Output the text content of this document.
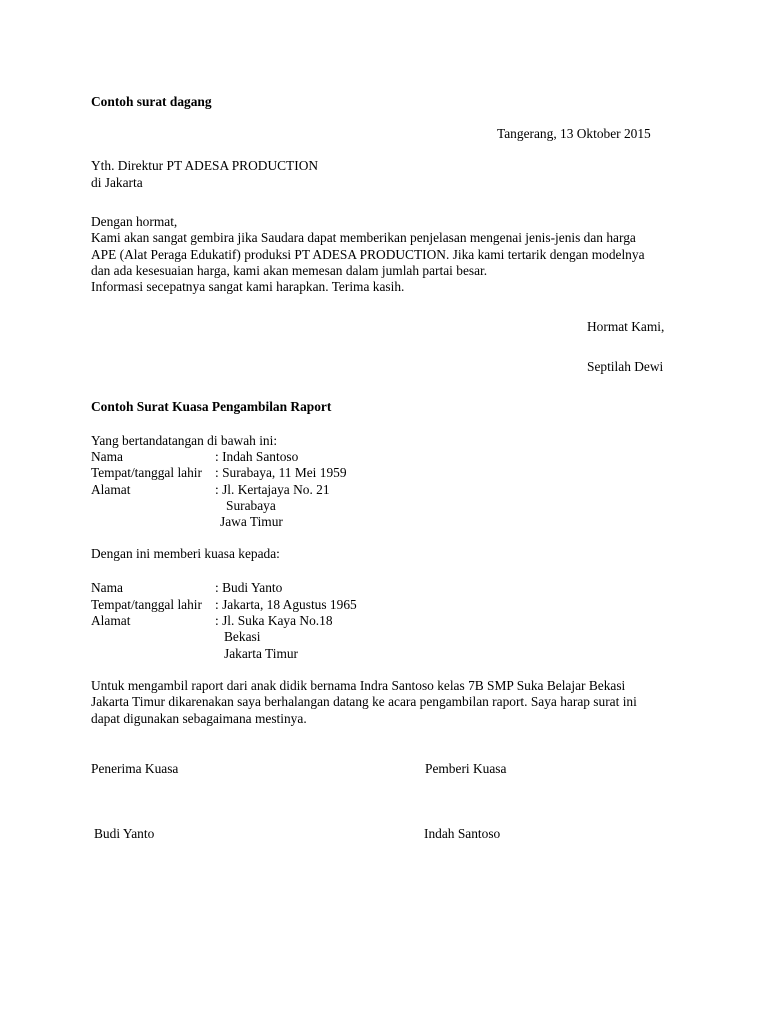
Contoh surat dagang
Tangerang, 13 Oktober 2015
Yth. Direktur PT ADESA PRODUCTION
di Jakarta
Dengan hormat,
Kami akan sangat gembira jika Saudara dapat memberikan penjelasan mengenai jenis-jenis dan harga
APE (Alat Peraga Edukatif) produksi PT ADESA PRODUCTION. Jika kami tertarik dengan modelnya
dan ada kesesuaian harga, kami akan memesan dalam jumlah partai besar.
Informasi secepatnya sangat kami harapkan. Terima kasih.
Hormat Kami,
Septilah Dewi
Contoh Surat Kuasa Pengambilan Raport
Yang bertandatangan di bawah ini:
Nama	: Indah Santoso
Tempat/tanggal lahir : Surabaya, 11 Mei 1959
Alamat	: Jl. Kertajaya No. 21
Surabaya
Jawa Timur
Dengan ini memberi kuasa kepada:
Nama	: Budi Yanto
Tempat/tanggal lahir : Jakarta, 18 Agustus 1965
Alamat	: Jl. Suka Kaya No.18
Bekasi
Jakarta Timur
Untuk mengambil raport dari anak didik bernama Indra Santoso kelas 7B SMP Suka Belajar Bekasi
Jakarta Timur dikarenakan saya berhalangan datang ke acara pengambilan raport. Saya harap surat ini
dapat digunakan sebagaimana mestinya.
Penerima Kuasa	Pemberi Kuasa
Budi Yanto	Indah Santoso
